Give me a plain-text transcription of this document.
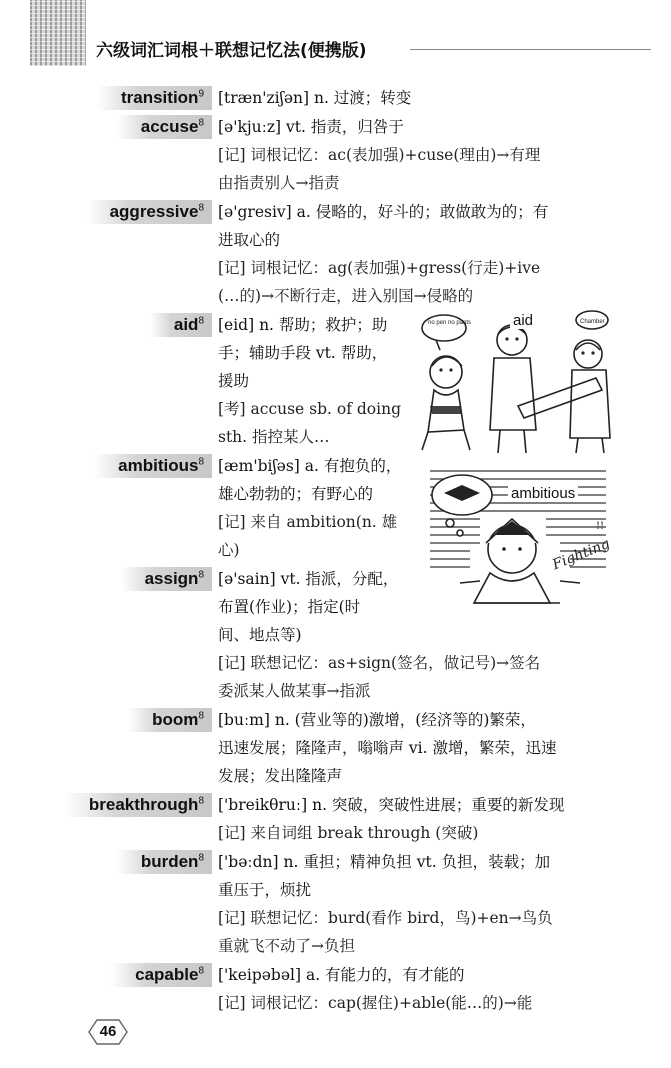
六级词汇词根＋联想记忆法(便携版)
transition$^9$ [træn'ziʃən] n. 过渡；转变
accuse$^8$ [ə'kjuːz] vt. 指责，归咎于
[记] 词根记忆：ac(表加强)+cuse(理由)→有理
由指责别人→指责
aggressive$^8$ [ə'gresiv] a. 侵略的，好斗的；敢做敢为的；有
进取心的
[记] 词根记忆：ag(表加强)+gress(行走)+ive
(…的)→不断行走，进入别国→侵略的
aid$^8$ [eid] n. 帮助；救护；助
手；辅助手段 vt. 帮助，
援助
[考] accuse sb. of doing
sth. 指控某人…
ambitious$^8$ [æm'biʃəs] a. 有抱负的，
雄心勃勃的；有野心的
[记] 来自 ambition(n. 雄
心)
assign$^8$ [ə'sain] vt. 指派，分配，
布置(作业)；指定(时
间、地点等)
[记] 联想记忆：as+sign(签名，做记号)→签名
委派某人做某事→指派
boom$^8$ [buːm] n. (营业等的)激增，(经济等的)繁荣，
迅速发展；隆隆声，嗡嗡声 vi. 激增，繁荣，迅速
发展；发出隆隆声
breakthrough$^8$ ['breikθruː] n. 突破，突破性进展；重要的新发现
[记] 来自词组 break through (突破)
burden$^8$ ['bəːdn] n. 重担；精神负担 vt. 负担，装载；加
重压于，烦扰
[记] 联想记忆：burd(看作 bird，鸟)+en→鸟负
重就飞不动了→负担
capable$^8$ ['keipəbəl] a. 有能力的，有才能的
[记] 词根记忆：cap(握住)+able(能…的)→能
no pen no pants	Chamber
aid
Fighting
!!
ambitious
46
